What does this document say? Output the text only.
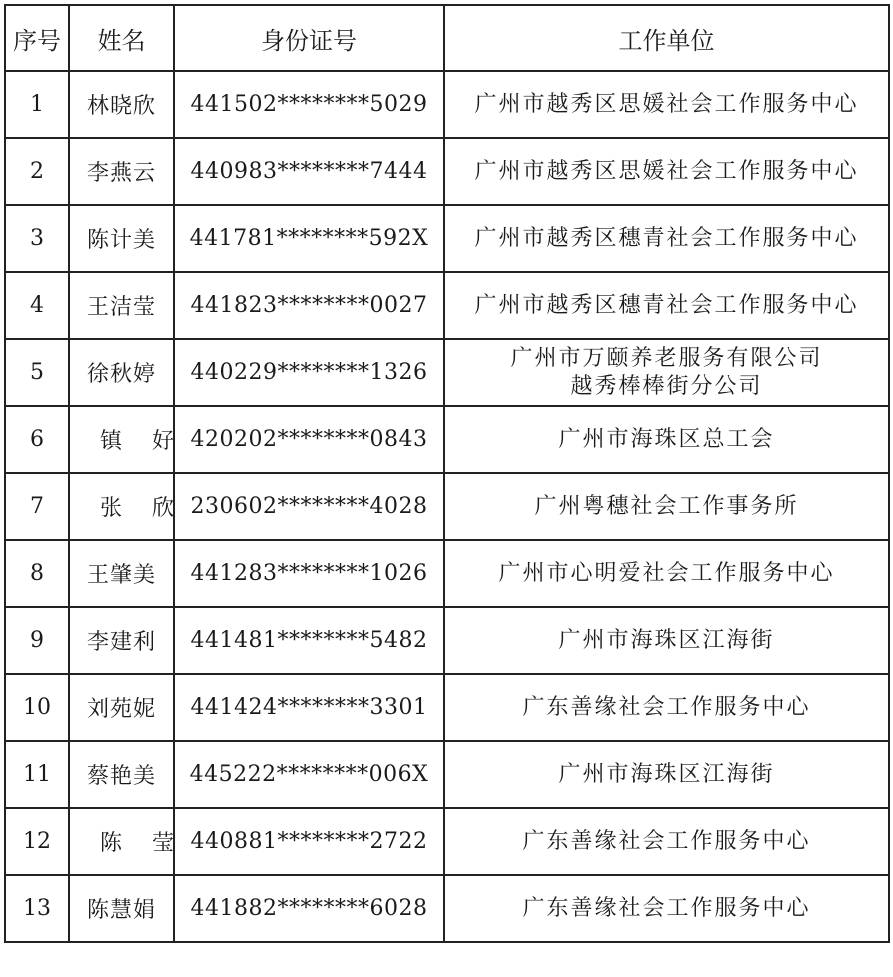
序号	姓名	身份证号	工作单位
1	林晓欣	441502********5029	广州市越秀区思媛社会工作服务中心
2	李燕云	440983********7444	广州市越秀区思媛社会工作服务中心
3	陈计美	441781********592X	广州市越秀区穗青社会工作服务中心
4	王洁莹	441823********0027	广州市越秀区穗青社会工作服务中心
5	徐秋婷	440229********1326	广州市万颐养老服务有限公司
越秀棒棒街分公司

6	镇好	420202********0843	广州市海珠区总工会
7	张欣	230602********4028	广州粤穗社会工作事务所
8	王肇美	441283********1026	广州市心明爱社会工作服务中心
9	李建利	441481********5482	广州市海珠区江海街
10	刘苑妮	441424********3301	广东善缘社会工作服务中心
11	蔡艳美	445222********006X	广州市海珠区江海街
12	陈莹	440881********2722	广东善缘社会工作服务中心
13	陈慧娟	441882********6028	广东善缘社会工作服务中心
